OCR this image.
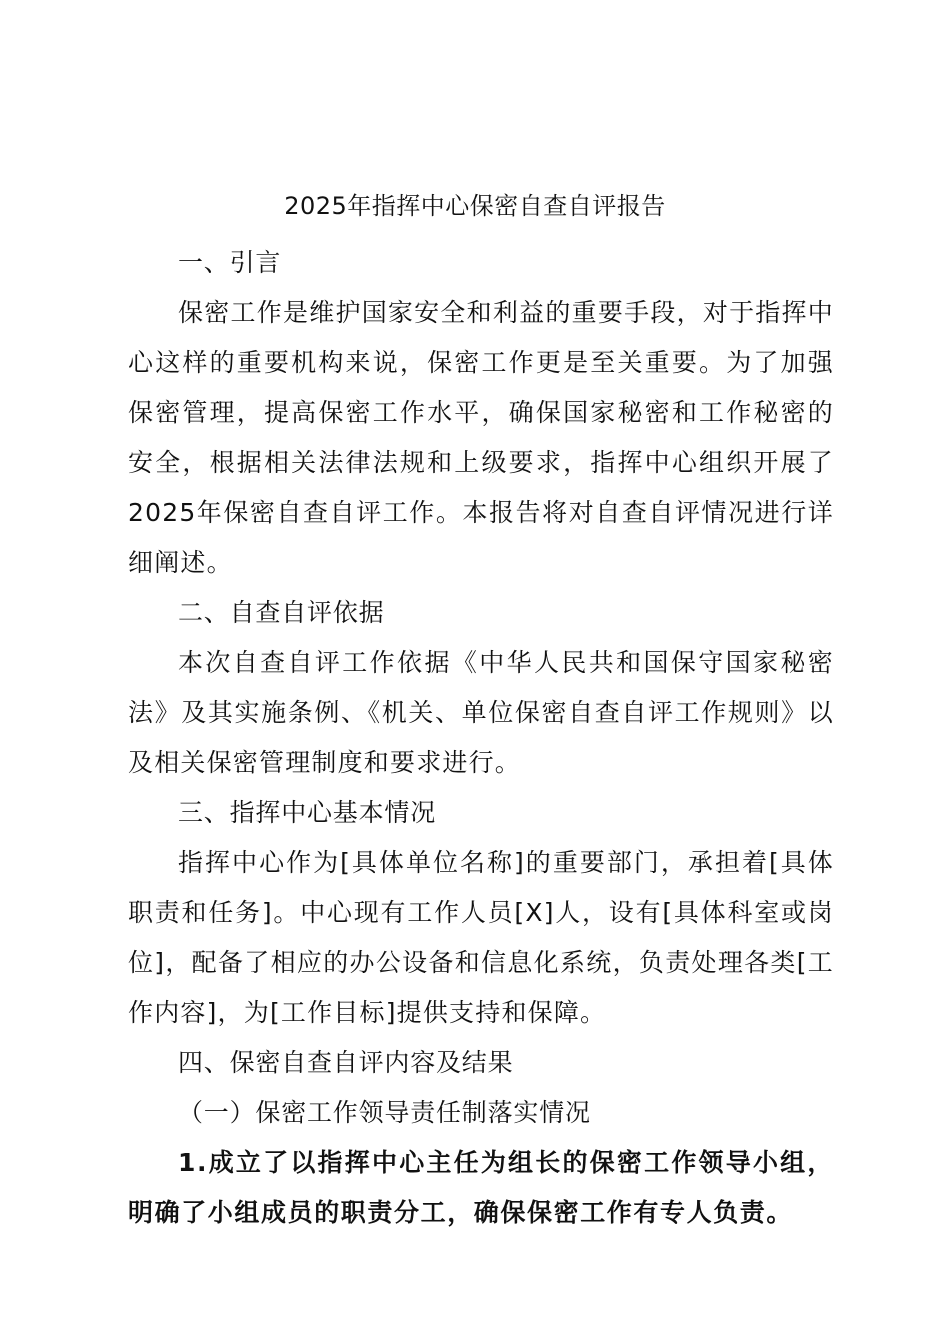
2025年指挥中心保密自查自评报告

一、引言

保密工作是维护国家安全和利益的重要手段，对于指挥中心这样的重要机构来说，保密工作更是至关重要。为了加强保密管理，提高保密工作水平，确保国家秘密和工作秘密的安全，根据相关法律法规和上级要求，指挥中心组织开展了2025年保密自查自评工作。本报告将对自查自评情况进行详细阐述。

二、自查自评依据

本次自查自评工作依据《中华人民共和国保守国家秘密法》及其实施条例、《机关、单位保密自查自评工作规则》以及相关保密管理制度和要求进行。

三、指挥中心基本情况

指挥中心作为[具体单位名称]的重要部门，承担着[具体职责和任务]。中心现有工作人员[X]人，设有[具体科室或岗位]，配备了相应的办公设备和信息化系统，负责处理各类[工作内容]，为[工作目标]提供支持和保障。

四、保密自查自评内容及结果

（一）保密工作领导责任制落实情况

1.成立了以指挥中心主任为组长的保密工作领导小组，明确了小组成员的职责分工，确保保密工作有专人负责。
